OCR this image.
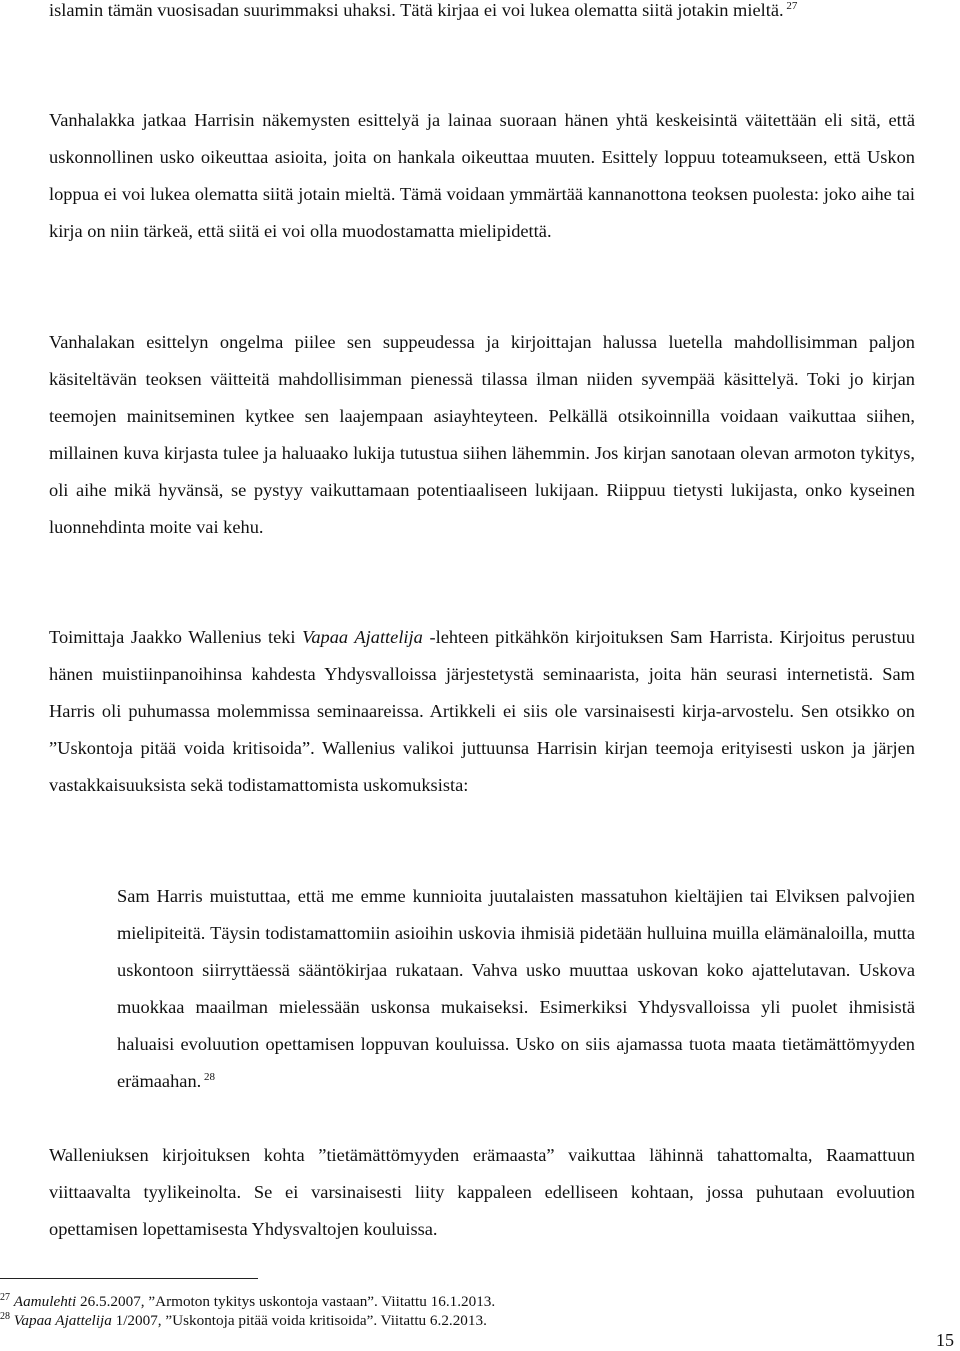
islamin tämän vuosisadan suurimmaksi uhaksi. Tätä kirjaa ei voi lukea olematta siitä jotakin mieltä. $^{27}$

Vanhalakka jatkaa Harrisin näkemysten esittelyä ja lainaa suoraan hänen yhtä keskeisintä väitettään eli sitä, että uskonnollinen usko oikeuttaa asioita, joita on hankala oikeuttaa muuten. Esittely loppuu toteamukseen, että Uskon loppua ei voi lukea olematta siitä jotain mieltä. Tämä voidaan ymmärtää kannanottona teoksen puolesta: joko aihe tai kirja on niin tärkeä, että siitä ei voi olla muodostamatta mielipidettä.

Vanhalakan esittelyn ongelma piilee sen suppeudessa ja kirjoittajan halussa luetella mahdollisimman paljon käsiteltävän teoksen väitteitä mahdollisimman pienessä tilassa ilman niiden syvempää käsittelyä. Toki jo kirjan teemojen mainitseminen kytkee sen laajempaan asiayhteyteen. Pelkällä otsikoinnilla voidaan vaikuttaa siihen, millainen kuva kirjasta tulee ja haluaako lukija tutustua siihen lähemmin. Jos kirjan sanotaan olevan armoton tykitys, oli aihe mikä hyvänsä, se pystyy vaikuttamaan potentiaaliseen lukijaan. Riippuu tietysti lukijasta, onko kyseinen luonnehdinta moite vai kehu.

Toimittaja Jaakko Wallenius teki Vapaa Ajattelija -lehteen pitkähkön kirjoituksen Sam Harrista. Kirjoitus perustuu hänen muistiinpanoihinsa kahdesta Yhdysvalloissa järjestetystä seminaarista, joita hän seurasi internetistä. Sam Harris oli puhumassa molemmissa seminaareissa. Artikkeli ei siis ole varsinaisesti kirja-arvostelu. Sen otsikko on ”Uskontoja pitää voida kritisoida”. Wallenius valikoi juttuunsa Harrisin kirjan teemoja erityisesti uskon ja järjen vastakkaisuuksista sekä todistamattomista uskomuksista:

Sam Harris muistuttaa, että me emme kunnioita juutalaisten massatuhon kieltäjien tai Elviksen palvojien mielipiteitä. Täysin todistamattomiin asioihin uskovia ihmisiä pidetään hulluina muilla elämänaloilla, mutta uskontoon siirryttäessä sääntökirjaa rukataan. Vahva usko muuttaa uskovan koko ajattelutavan. Uskova muokkaa maailman mielessään uskonsa mukaiseksi. Esimerkiksi Yhdysvalloissa yli puolet ihmisistä haluaisi evoluution opettamisen loppuvan kouluissa. Usko on siis ajamassa tuota maata tietämättömyyden erämaahan. $^{28}$

Walleniuksen kirjoituksen kohta ”tietämättömyyden erämaasta” vaikuttaa lähinnä tahattomalta, Raamattuun viittaavalta tyylikeinolta. Se ei varsinaisesti liity kappaleen edelliseen kohtaan, jossa puhutaan evoluution opettamisen lopettamisesta Yhdysvaltojen kouluissa.

$^{27}$ Aamulehti 26.5.2007, ”Armoton tykitys uskontoja vastaan”. Viitattu 16.1.2013.

$^{28}$ Vapaa Ajattelija 1/2007, ”Uskontoja pitää voida kritisoida”. Viitattu 6.2.2013.

15
